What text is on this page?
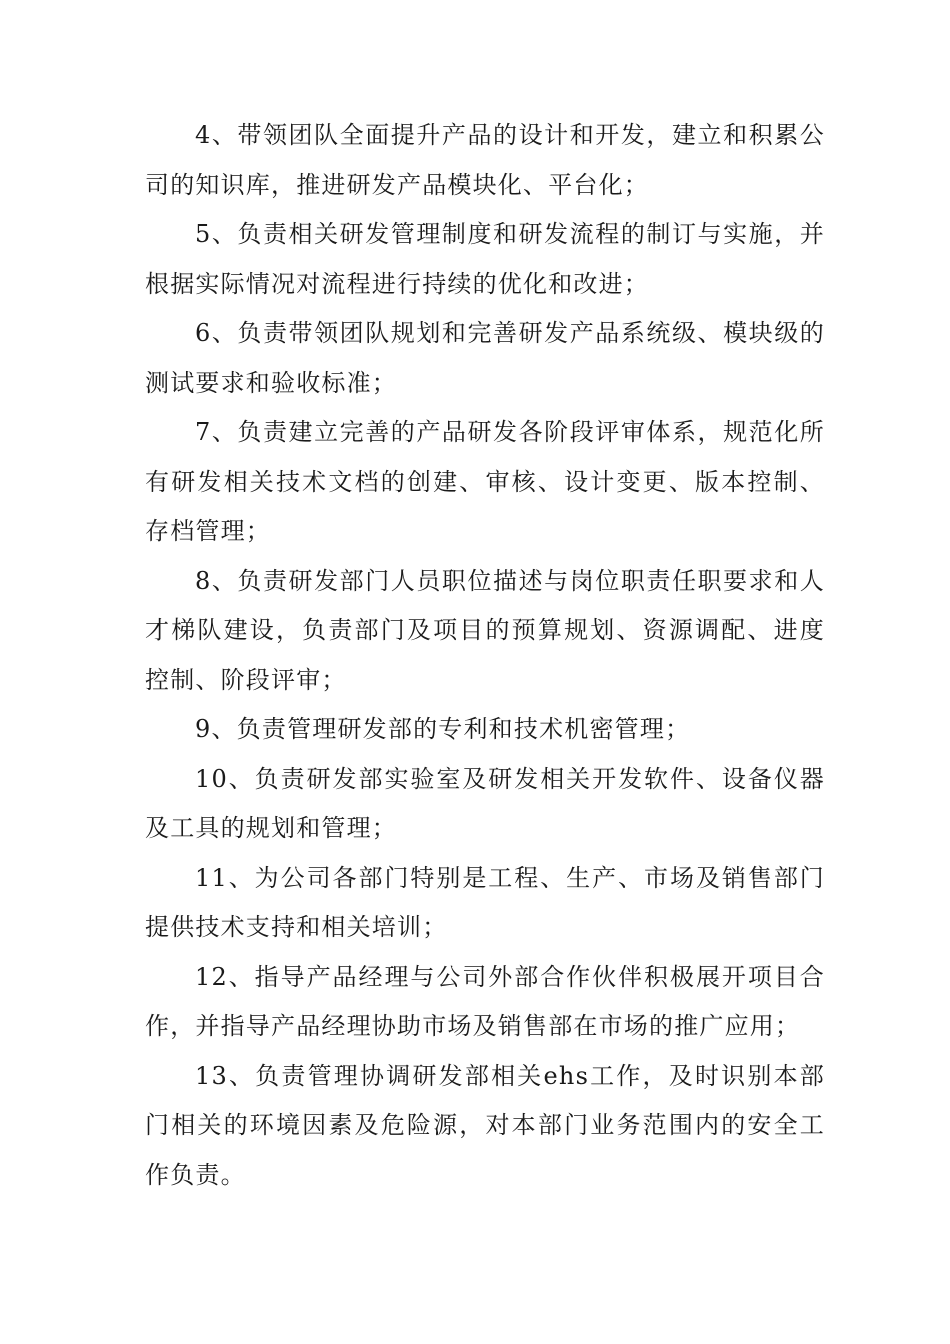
4、带领团队全面提升产品的设计和开发，建立和积累公司的知识库，推进研发产品模块化、平台化；

5、负责相关研发管理制度和研发流程的制订与实施，并根据实际情况对流程进行持续的优化和改进；

6、负责带领团队规划和完善研发产品系统级、模块级的测试要求和验收标准；

7、负责建立完善的产品研发各阶段评审体系，规范化所有研发相关技术文档的创建、审核、设计变更、版本控制、存档管理；

8、负责研发部门人员职位描述与岗位职责任职要求和人才梯队建设，负责部门及项目的预算规划、资源调配、进度控制、阶段评审；

9、负责管理研发部的专利和技术机密管理；

10、负责研发部实验室及研发相关开发软件、设备仪器及工具的规划和管理；

11、为公司各部门特别是工程、生产、市场及销售部门提供技术支持和相关培训；

12、指导产品经理与公司外部合作伙伴积极展开项目合作，并指导产品经理协助市场及销售部在市场的推广应用；

13、负责管理协调研发部相关ehs工作，及时识别本部门相关的环境因素及危险源，对本部门业务范围内的安全工作负责。
